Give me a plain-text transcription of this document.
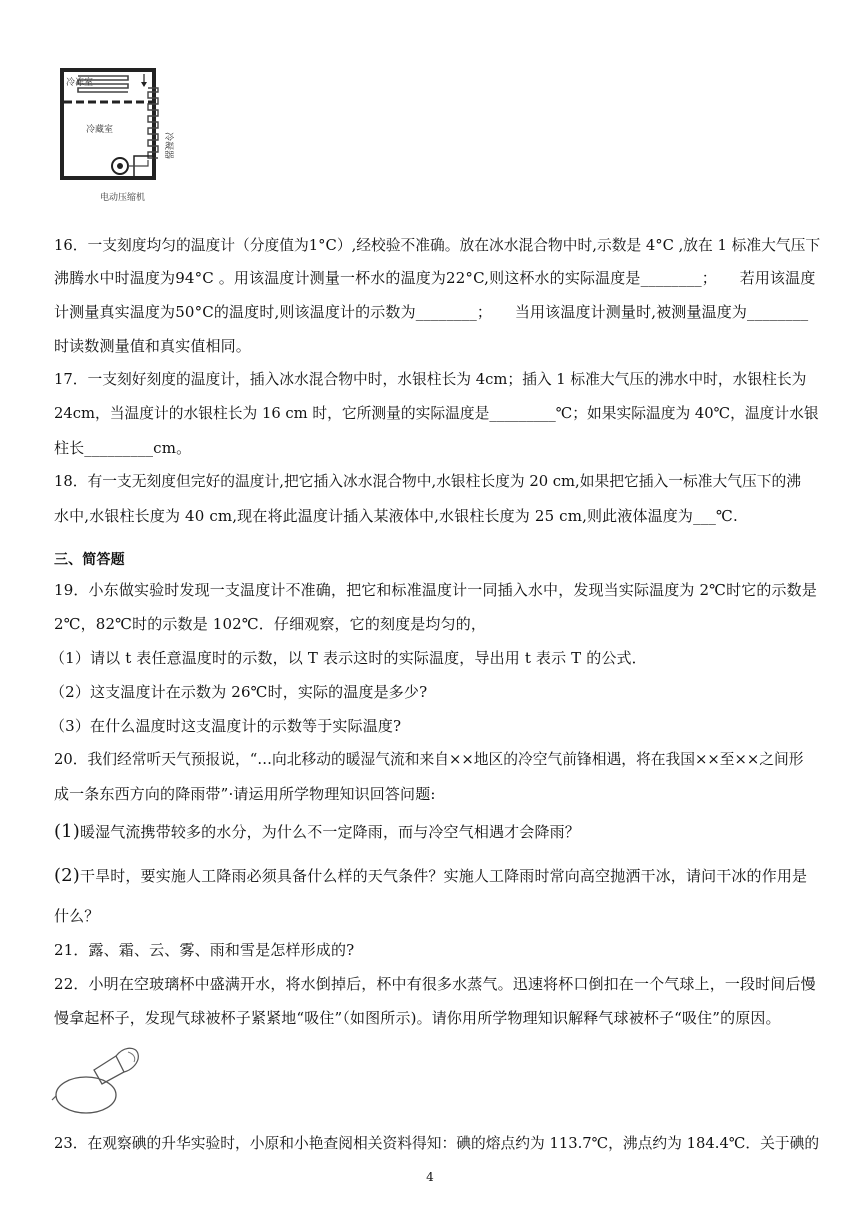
冷冻室
冷藏室
冷凝器
电动压缩机
16．一支刻度均匀的温度计（分度值为1°C）,经校验不准确。放在冰水混合物中时,示数是 4°C ,放在 1 标准大气压下
沸腾水中时温度为94°C 。用该温度计测量一杯水的温度为22°C,则这杯水的实际温度是________；　　若用该温度
计测量真实温度为50°C的温度时,则该温度计的示数为________；　　当用该温度计测量时,被测量温度为________
时读数测量值和真实值相同。
17．一支刻好刻度的温度计，插入冰水混合物中时，水银柱长为 4cm；插入 1 标准大气压的沸水中时，水银柱长为
24cm，当温度计的水银柱长为 16 cm 时，它所测量的实际温度是_________℃；如果实际温度为 40℃，温度计水银
柱长_________cm。
18．有一支无刻度但完好的温度计,把它插入冰水混合物中,水银柱长度为 20 cm,如果把它插入一标准大气压下的沸
水中,水银柱长度为 40 cm,现在将此温度计插入某液体中,水银柱长度为 25 cm,则此液体温度为___℃.
三、简答题
19．小东做实验时发现一支温度计不准确，把它和标准温度计一同插入水中，发现当实际温度为 2℃时它的示数是
2℃，82℃时的示数是 102℃．仔细观察，它的刻度是均匀的，
（1）请以 t 表任意温度时的示数，以 T 表示这时的实际温度，导出用 t 表示 T 的公式．
（2）这支温度计在示数为 26℃时，实际的温度是多少?
（3）在什么温度时这支温度计的示数等于实际温度?
20．我们经常听天气预报说，“…向北移动的暖湿气流和来自××地区的冷空气前锋相遇，将在我国××至××之间形
成一条东西方向的降雨带”·请运用所学物理知识回答问题:
(1)暖湿气流携带较多的水分，为什么不一定降雨，而与冷空气相遇才会降雨？
(2)干旱时，要实施人工降雨必须具备什么样的天气条件？实施人工降雨时常向高空抛洒干冰，请问干冰的作用是
什么？
21．露、霜、云、雾、雨和雪是怎样形成的?
22．小明在空玻璃杯中盛满开水，将水倒掉后，杯中有很多水蒸气。迅速将杯口倒扣在一个气球上，一段时间后慢
慢拿起杯子，发现气球被杯子紧紧地“吸住”（如图所示)。请你用所学物理知识解释气球被杯子“吸住”的原因。
23．在观察碘的升华实验时，小原和小艳查阅相关资料得知：碘的熔点约为 113.7℃，沸点约为 184.4℃．关于碘的
4
